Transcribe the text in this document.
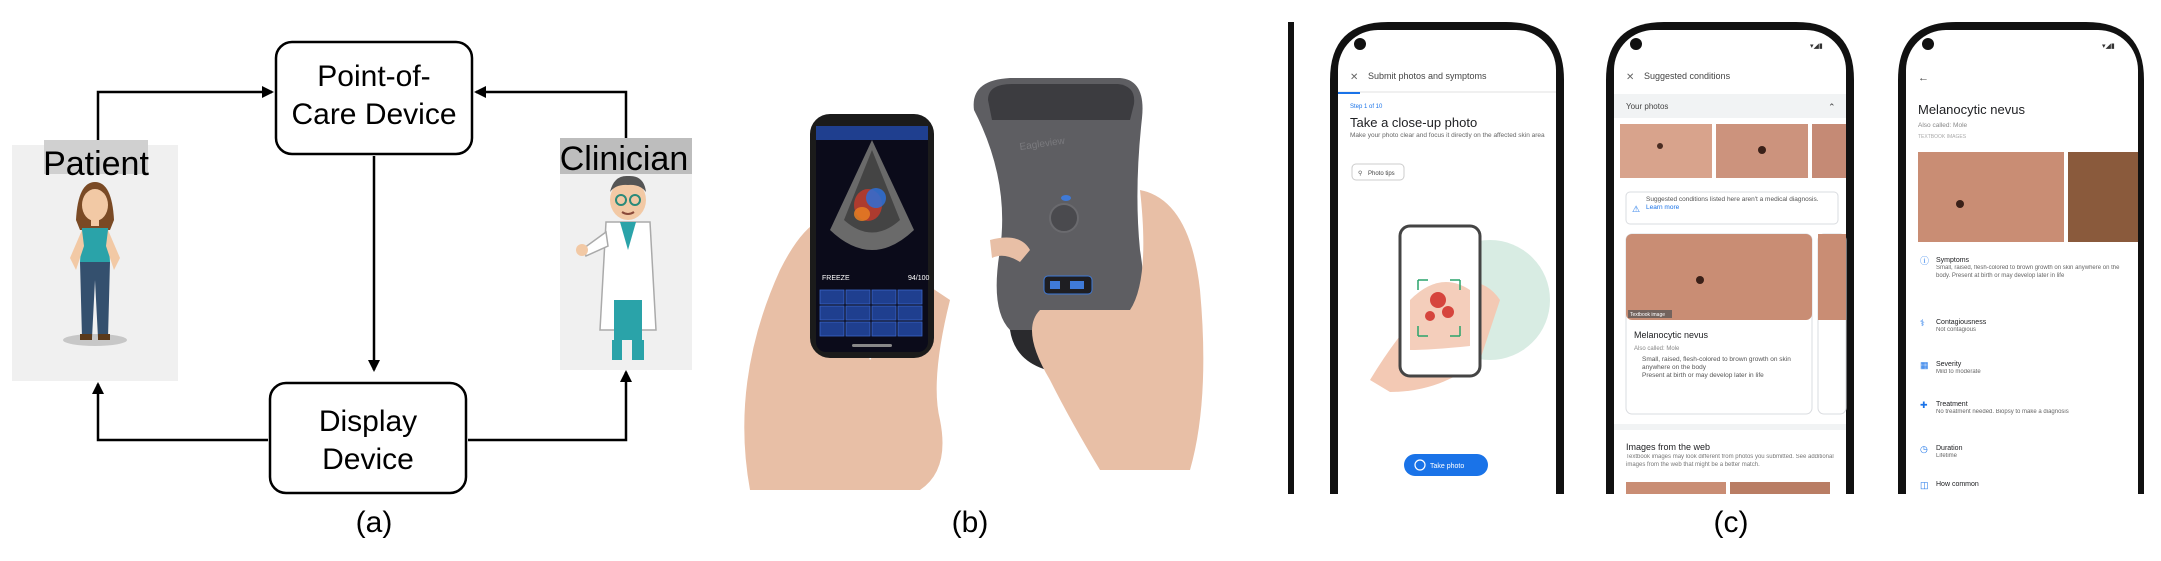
Patient	Clinician
Point-of-
Care Device
Display
Device
(a)
FREEZE	94/100
Eagleview
(b)
✕ Submit photos and symptoms
Step 1 of 10
Take a close-up photo
Make your photo clear and focus it directly on the affected skin area
⚲ Photo tips
Take photo
▾◢▮
✕ Suggested conditions
Your photos	⌃
⚠
Suggested conditions listed here aren't a medical diagnosis. Learn more
Textbook image
Melanocytic nevus
Also called: Mole
• Small, raised, flesh-colored to brown growth on skin anywhere on the body
• Present at birth or may develop later in life
Images from the web
Textbook images may look different from photos you submitted. See additional images from the web that might be a better match.
▾◢▮
←
Melanocytic nevus
Also called: Mole
TEXTBOOK IMAGES
ⓘ Symptoms
Small, raised, flesh-colored to brown growth on skin anywhere on the body. Present at birth or may develop later in life
⚕ Contagiousness
Not contagious
▦ Severity
Mild to moderate
✚ Treatment
No treatment needed. Biopsy to make a diagnosis
◷ Duration
Lifetime
◫ How common
(c)
